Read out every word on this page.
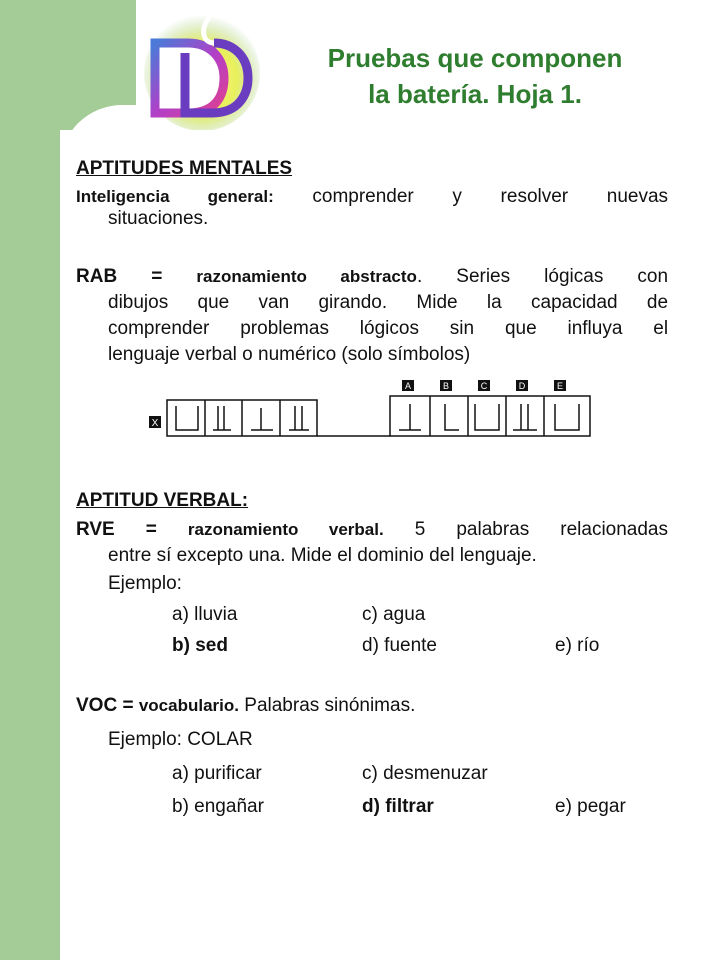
Pruebas que componen
la batería. Hoja 1.
APTITUDES MENTALES
Inteligencia general: comprender y resolver nuevas
situaciones.
RAB = razonamiento abstracto. Series lógicas con
dibujos que van girando. Mide la capacidad de
comprender problemas lógicos sin que influya el
lenguaje verbal o numérico (solo símbolos)
X
A	B	C	D	E
APTITUD VERBAL:
RVE = razonamiento verbal. 5 palabras relacionadas
entre sí excepto una. Mide el dominio del lenguaje.
Ejemplo:
a) lluvia	c) agua
b) sed	d) fuente	e) río
VOC = vocabulario. Palabras sinónimas.
Ejemplo: COLAR
a) purificar	c) desmenuzar
b) engañar	d) filtrar	e) pegar
